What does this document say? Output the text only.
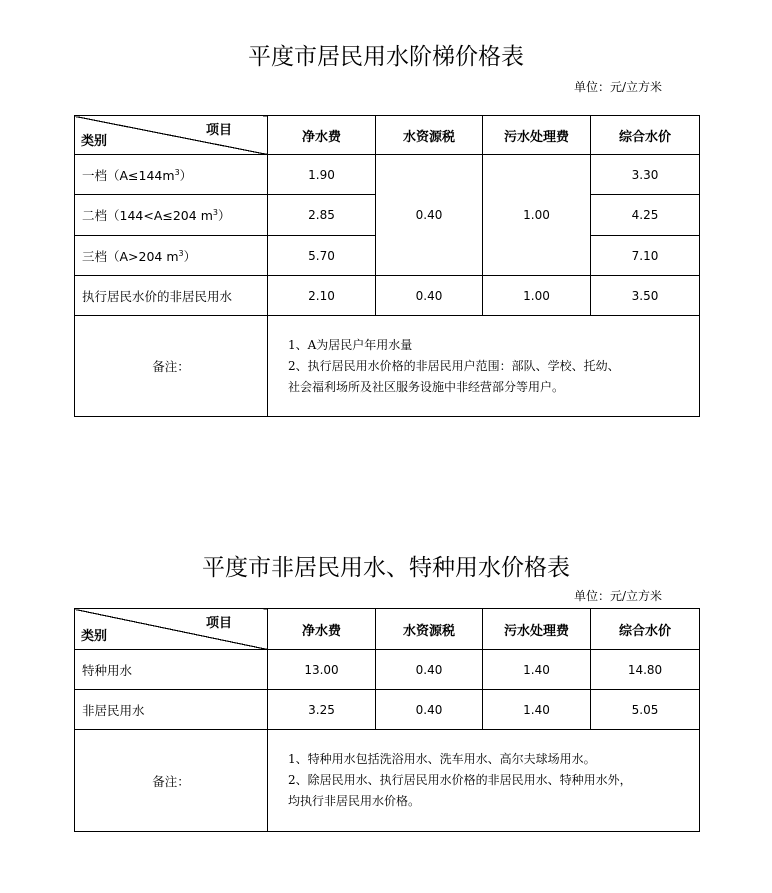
平度市居民用水阶梯价格表
单位：元/立方米
项目
类别	净水费	水资源税	污水处理费	综合水价
一档$(A\le 144m^3)$	1.90	0.40	1.00	3.30
二档（144<A≤204 $m^3$）	2.85			4.25
三档（A>204 $m^3$）	5.70			7.10
执行居民水价的非居民用水	2.10	0.40	1.00	3.50
备注：	1、A为居民户年用水量
2、执行居民用水价格的非居民用户范围：部队、学校、托幼、
社会福利场所及社区服务设施中非经营部分等用户。			
平度市非居民用水、特种用水价格表
单位：元/立方米
项目
类别	净水费	水资源税	污水处理费	综合水价
特种用水	13.00	0.40	1.40	14.80
非居民用水	3.25	0.40	1.40	5.05
备注：	1、特种用水包括洗浴用水、洗车用水、高尔夫球场用水。
2、除居民用水、执行居民用水价格的非居民用水、特种用水外，
均执行非居民用水价格。			
